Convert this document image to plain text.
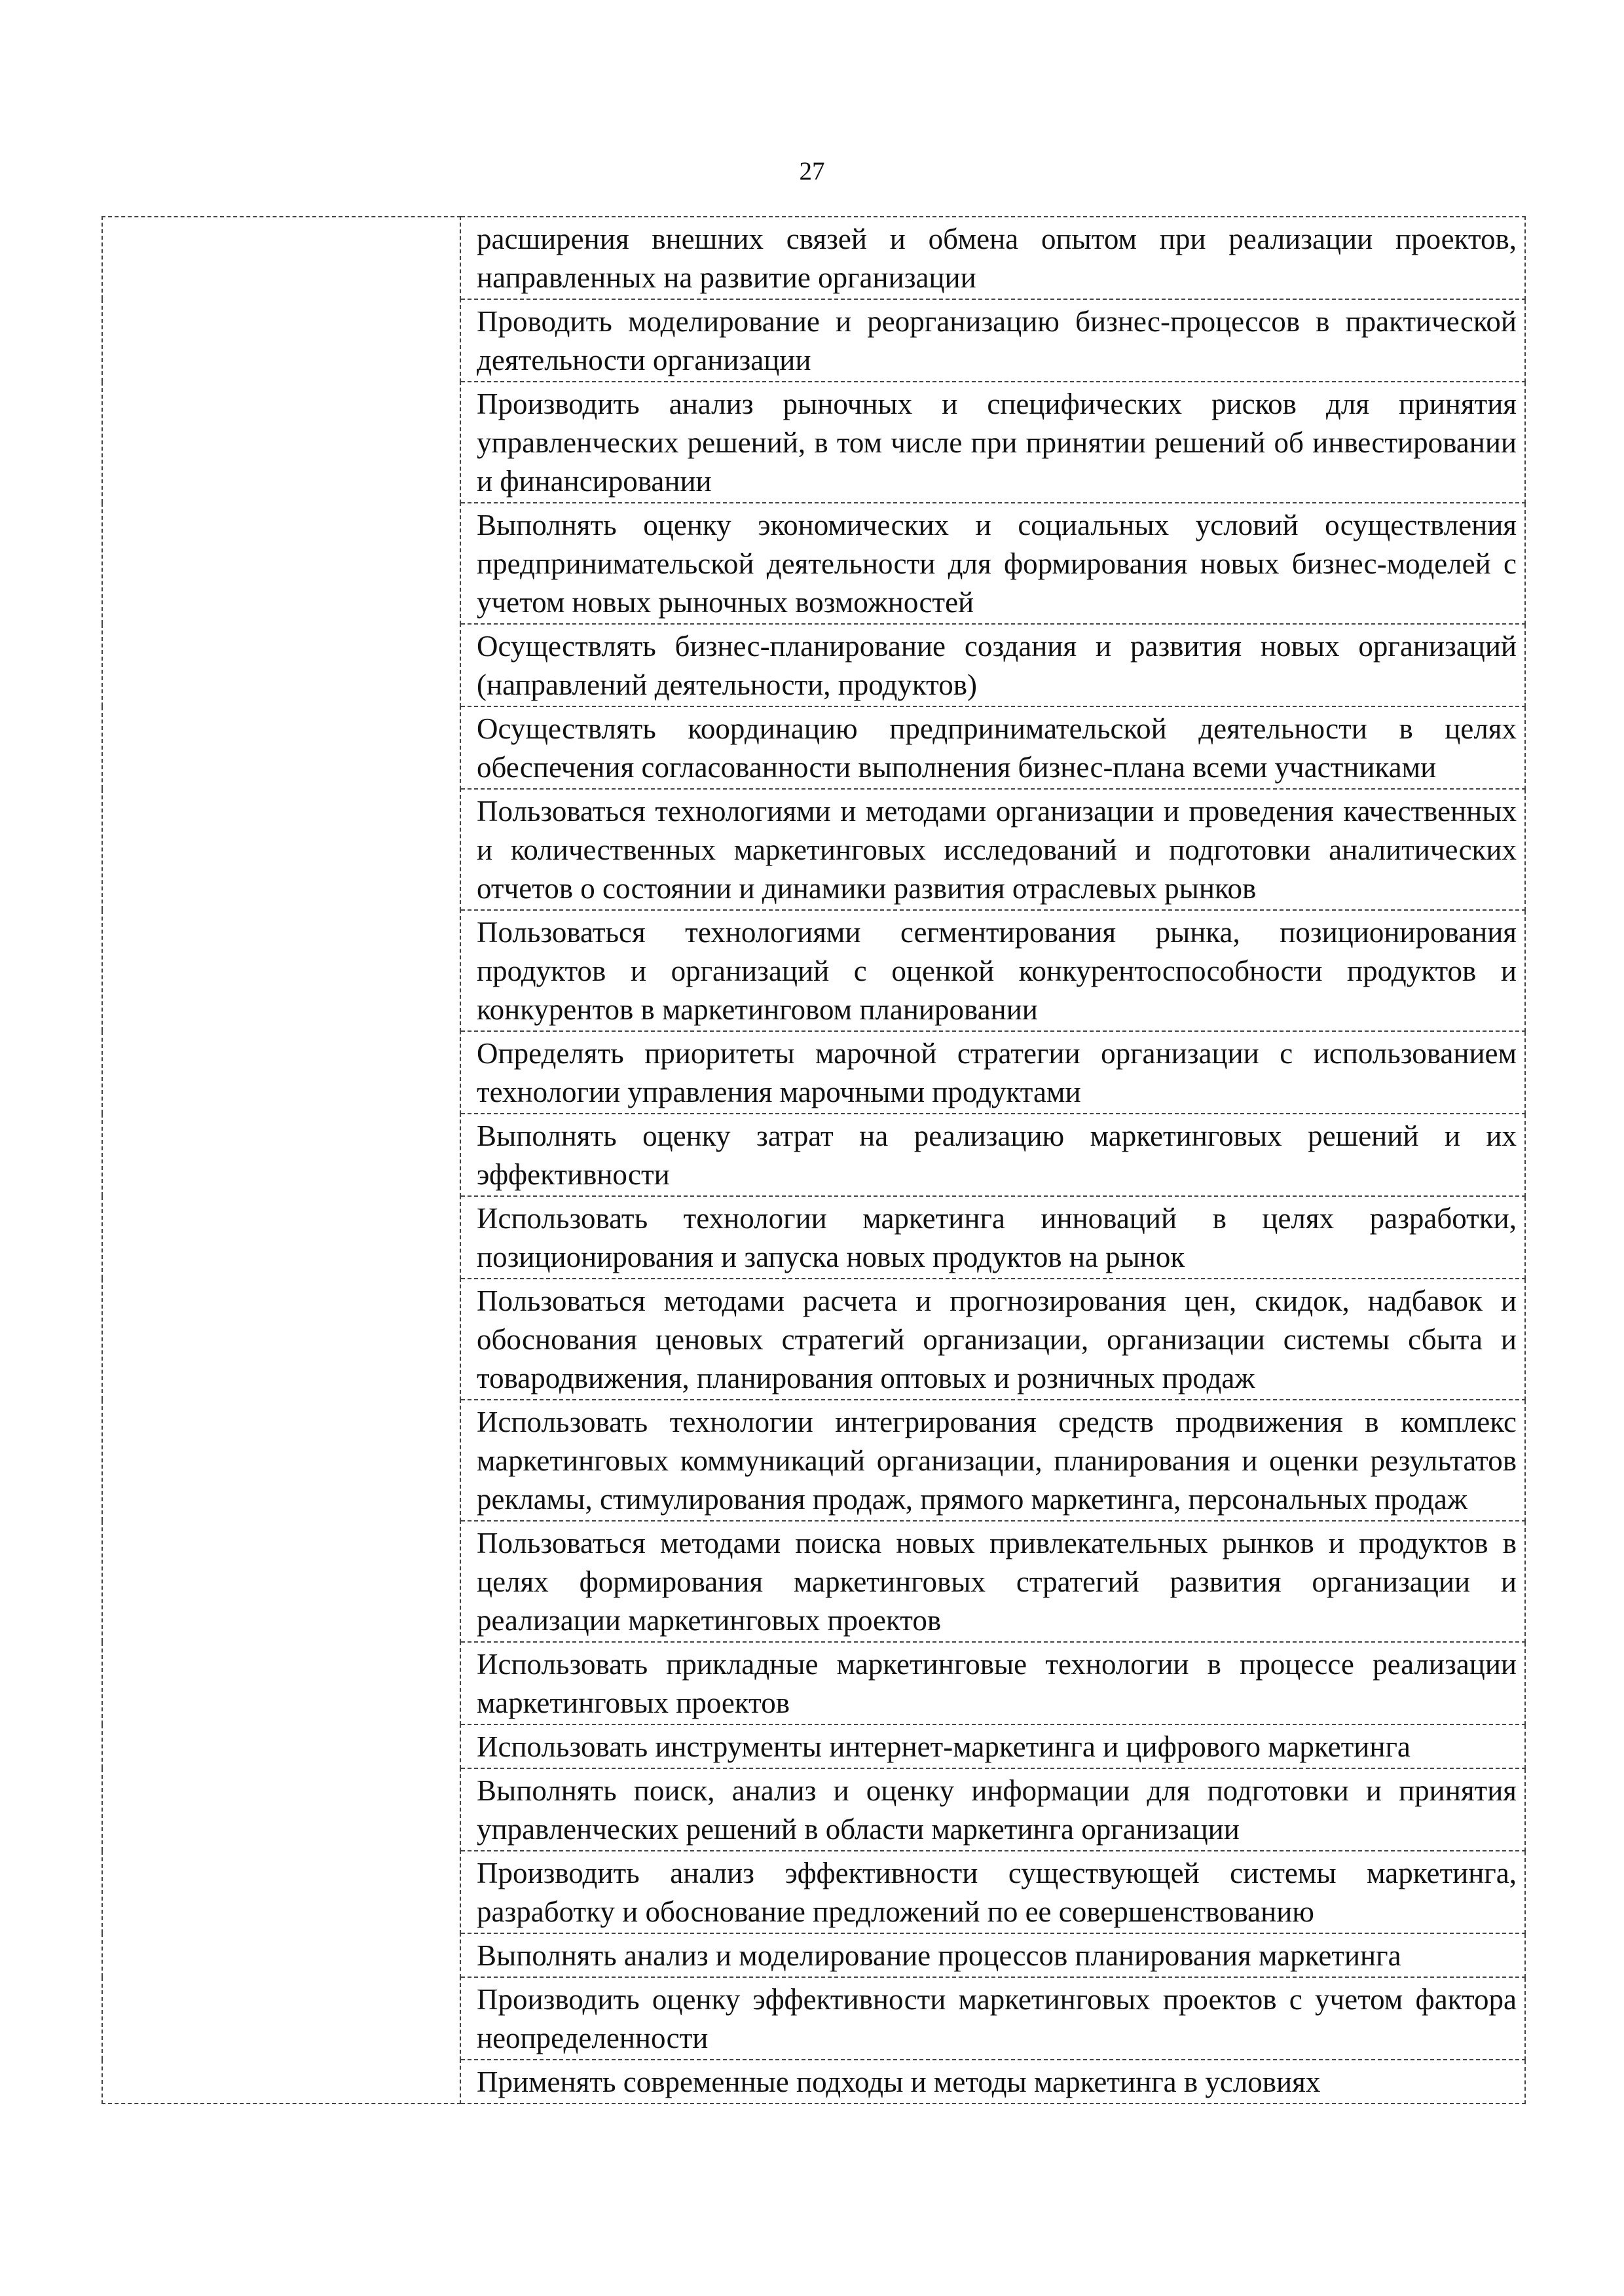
27

расширения внешних связей и обмена опытом при реализации проектов, направленных на развитие организации

Проводить моделирование и реорганизацию бизнес-процессов в практической деятельности организации

Производить анализ рыночных и специфических рисков для принятия управленческих решений, в том числе при принятии решений об инвестировании и финансировании

Выполнять оценку экономических и социальных условий осуществления предпринимательской деятельности для формирования новых бизнес-моделей с учетом новых рыночных возможностей

Осуществлять бизнес-планирование создания и развития новых организаций (направлений деятельности, продуктов)

Осуществлять координацию предпринимательской деятельности в целях обеспечения согласованности выполнения бизнес-плана всеми участниками

Пользоваться технологиями и методами организации и проведения качественных и количественных маркетинговых исследований и подготовки аналитических отчетов о состоянии и динамики развития отраслевых рынков

Пользоваться технологиями сегментирования рынка, позиционирования продуктов и организаций с оценкой конкурентоспособности продуктов и конкурентов в маркетинговом планировании

Определять приоритеты марочной стратегии организации с использованием технологии управления марочными продуктами

Выполнять оценку затрат на реализацию маркетинговых решений и их эффективности

Использовать технологии маркетинга инноваций в целях разработки, позиционирования и запуска новых продуктов на рынок

Пользоваться методами расчета и прогнозирования цен, скидок, надбавок и обоснования ценовых стратегий организации, организации системы сбыта и товародвижения, планирования оптовых и розничных продаж

Использовать технологии интегрирования средств продвижения в комплекс маркетинговых коммуникаций организации, планирования и оценки результатов рекламы, стимулирования продаж, прямого маркетинга, персональных продаж

Пользоваться методами поиска новых привлекательных рынков и продуктов в целях формирования маркетинговых стратегий развития организации и реализации маркетинговых проектов

Использовать прикладные маркетинговые технологии в процессе реализации маркетинговых проектов

Использовать инструменты интернет-маркетинга и цифрового маркетинга

Выполнять поиск, анализ и оценку информации для подготовки и принятия управленческих решений в области маркетинга организации

Производить анализ эффективности существующей системы маркетинга, разработку и обоснование предложений по ее совершенствованию

Выполнять анализ и моделирование процессов планирования маркетинга

Производить оценку эффективности маркетинговых проектов с учетом фактора неопределенности

Применять современные подходы и методы маркетинга в условиях
